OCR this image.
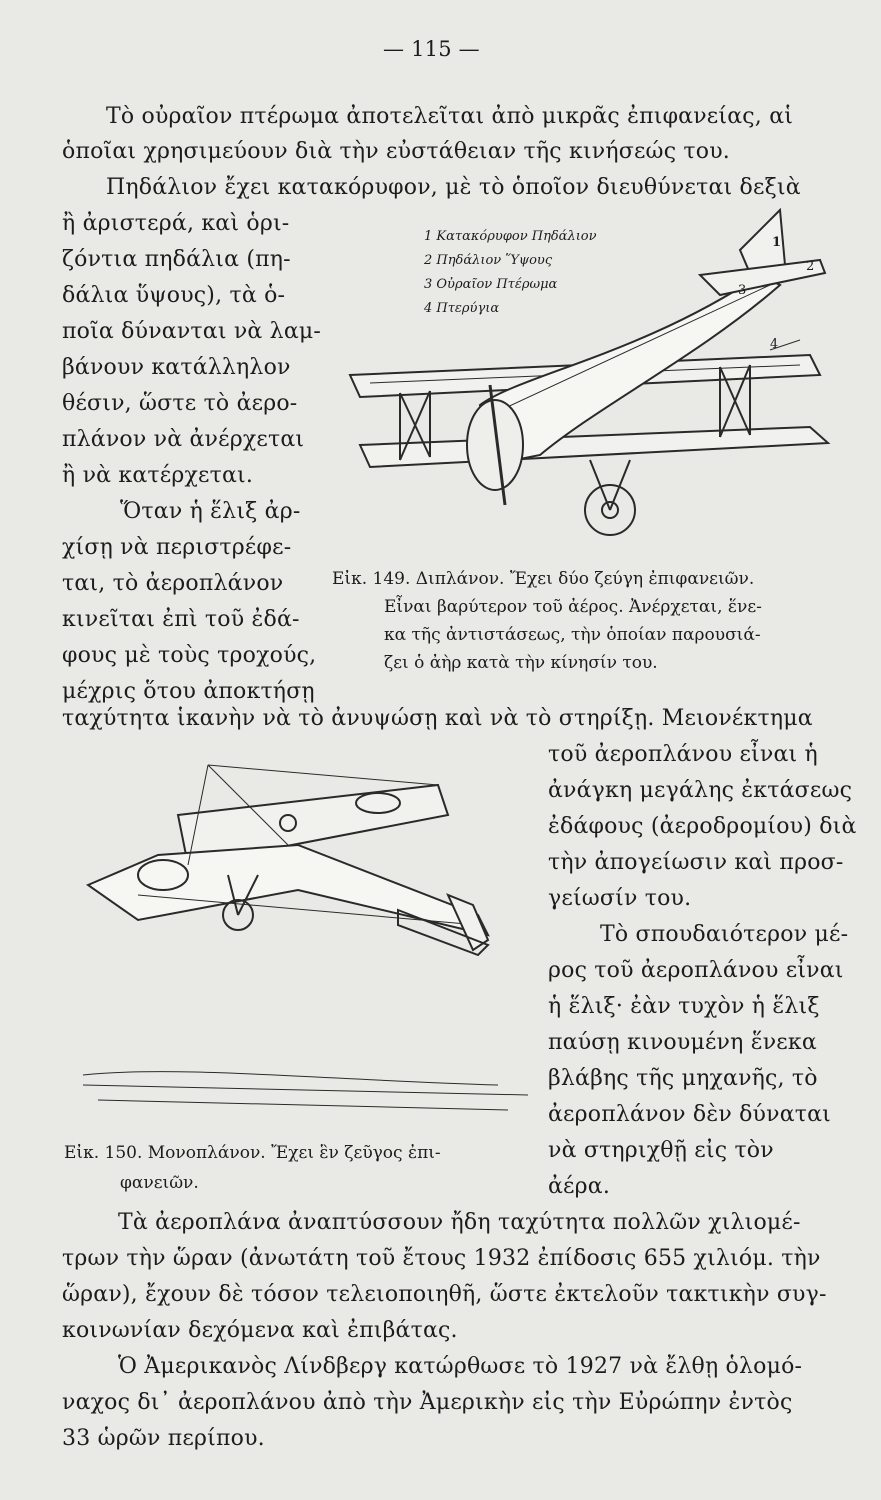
— 115 —
Τὸ οὐραῖον πτέρωμα ἀποτελεῖται ἀπὸ μικρᾶς ἐπιφανείας, αἱ
ὁποῖαι χρησιμεύουν διὰ τὴν εὐστάθειαν τῆς κινήσεώς του.
Πηδάλιον ἔχει κατακόρυφον, μὲ τὸ ὁποῖον διευθύνεται δεξιὰ
ἢ ἀριστερά, καὶ ὁρι-
ζόντια πηδάλια (πη-
δάλια ὕψους), τὰ ὁ-
ποῖα δύνανται νὰ λαμ-
βάνουν κατάλληλον
θέσιν, ὥστε τὸ ἀερο-
πλάνον νὰ ἀνέρχεται
ἢ νὰ κατέρχεται.
Ὅταν ἡ ἕλιξ ἀρ-
χίσῃ νὰ περιστρέφε-
ται, τὸ ἀεροπλάνον
κινεῖται ἐπὶ τοῦ ἐδά-
φους μὲ τοὺς τροχούς,
μέχρις ὅτου ἀποκτήσῃ
1 Κατακόρυφον Πηδάλιον
2 Πηδάλιον Ὕψους
3 Οὐραῖον Πτέρωμα
4 Πτερύγια
1
2
3
4
Εἰκ. 149. Διπλάνον. Ἔχει δύο ζεύγη ἐπιφανειῶν.
Εἶναι βαρύτερον τοῦ ἀέρος. Ἀνέρχεται, ἕνε-
κα τῆς ἀντιστάσεως, τὴν ὁποίαν παρουσιά-
ζει ὁ ἀὴρ κατὰ τὴν κίνησίν του.
ταχύτητα ἱκανὴν νὰ τὸ ἀνυψώσῃ καὶ νὰ τὸ στηρίξῃ. Μειονέκτημα
τοῦ ἀεροπλάνου εἶναι ἡ
ἀνάγκη μεγάλης ἐκτάσεως
ἐδάφους (ἀεροδρομίου) διὰ
τὴν ἀπογείωσιν καὶ προσ-
γείωσίν του.
Τὸ σπουδαιότερον μέ-
ρος τοῦ ἀεροπλάνου εἶναι
ἡ ἕλιξ· ἐὰν τυχὸν ἡ ἕλιξ
παύσῃ κινουμένη ἕνεκα
βλάβης τῆς μηχανῆς, τὸ
ἀεροπλάνον δὲν δύναται
νὰ στηριχθῇ εἰς τὸν
ἀέρα.
Εἰκ. 150. Μονοπλάνον. Ἔχει ἓν ζεῦγος ἐπι-
φανειῶν.
Τὰ ἀεροπλάνα ἀναπτύσσουν ἤδη ταχύτητα πολλῶν χιλιομέ-
τρων τὴν ὥραν (ἀνωτάτη τοῦ ἔτους 1932 ἐπίδοσις 655 χιλιόμ. τὴν
ὥραν), ἔχουν δὲ τόσον τελειοποιηθῆ, ὥστε ἐκτελοῦν τακτικὴν συγ-
κοινωνίαν δεχόμενα καὶ ἐπιβάτας.
Ὁ Ἀμερικανὸς Λίνδβεργ κατώρθωσε τὸ 1927 νὰ ἔλθῃ ὁλομό-
ναχος δι᾿ ἀεροπλάνου ἀπὸ τὴν Ἀμερικὴν εἰς τὴν Εὐρώπην ἐντὸς
33 ὡρῶν περίπου.
